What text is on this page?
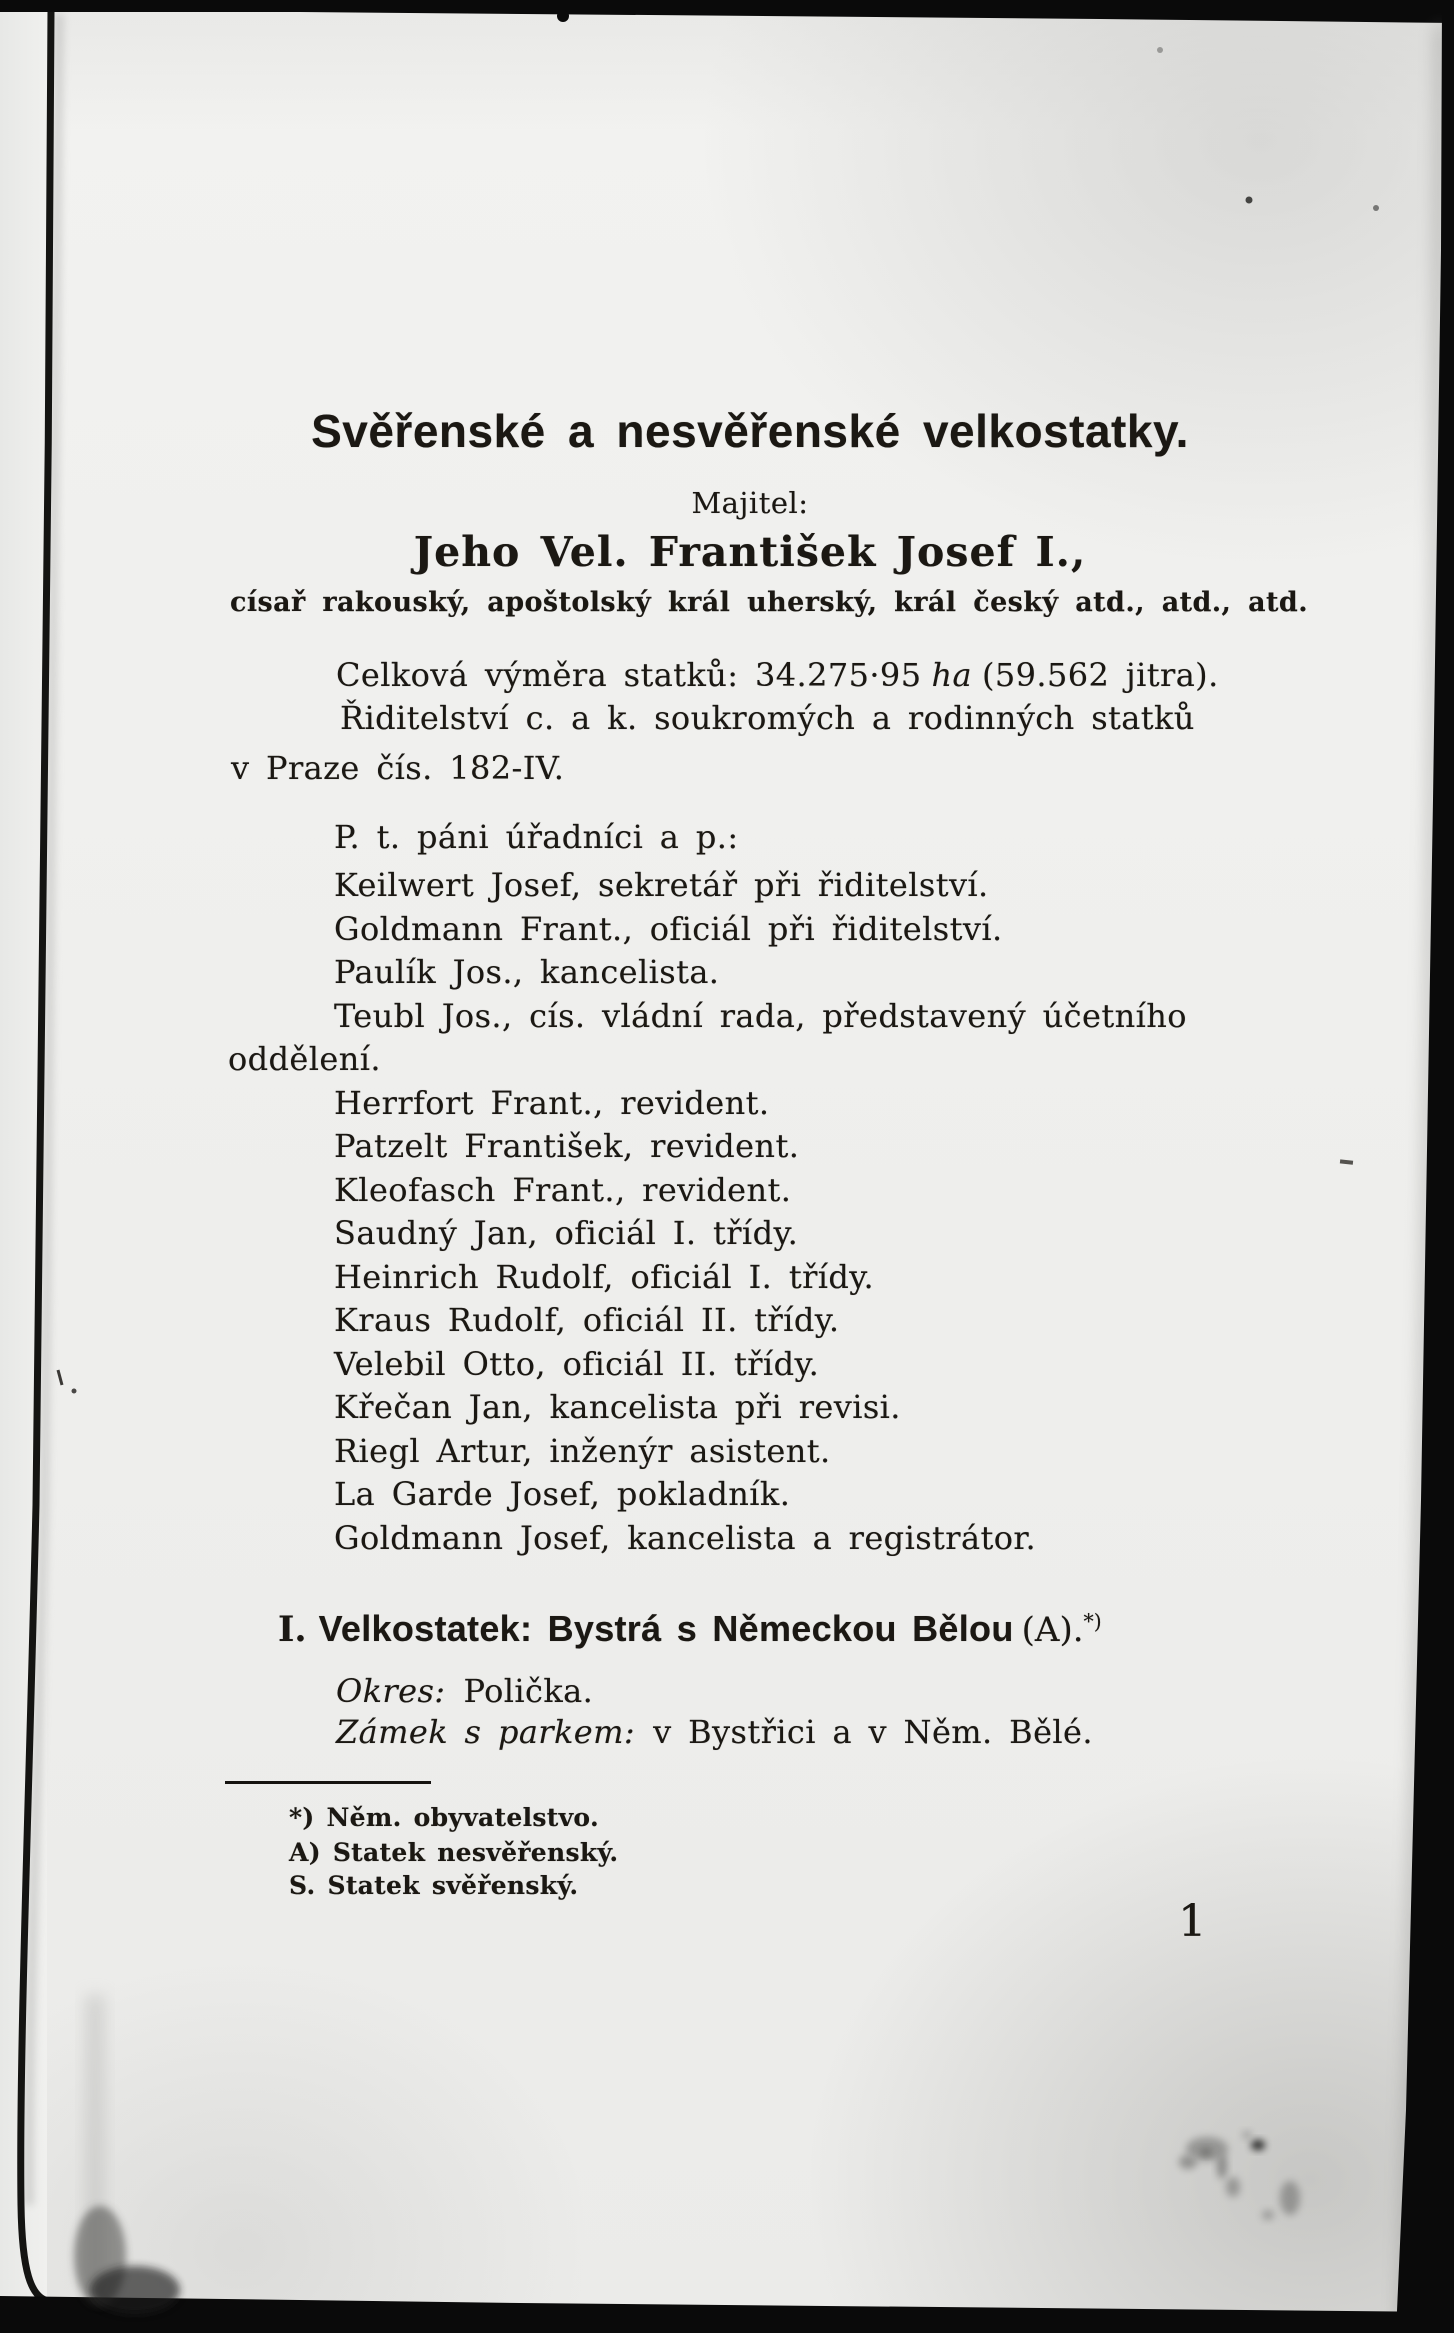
Svěřenské a nesvěřenské velkostatky.
Majitel:
Jeho Vel. František Josef I.,
císař rakouský, apoštolský král uherský, král český atd., atd., atd.
Celková výměra statků: 34.275·95 ha (59.562 jitra).
Řiditelství c. a k. soukromých a rodinných statků
v Praze čís. 182-IV.
P. t. páni úřadníci a p.:
Keilwert Josef, sekretář při řiditelství.
Goldmann Frant., oficiál při řiditelství.
Paulík Jos., kancelista.
Teubl Jos., cís. vládní rada, představený účetního
oddělení.
Herrfort Frant., revident.
Patzelt František, revident.
Kleofasch Frant., revident.
Saudný Jan, oficiál I. třídy.
Heinrich Rudolf, oficiál I. třídy.
Kraus Rudolf, oficiál II. třídy.
Velebil Otto, oficiál II. třídy.
Křečan Jan, kancelista při revisi.
Riegl Artur, inženýr asistent.
La Garde Josef, pokladník.
Goldmann Josef, kancelista a registrátor.
I. Velkostatek: Bystrá s Německou Bělou (A).*)
Okres: Polička.
Zámek s parkem: v Bystřici a v Něm. Bělé.
*) Něm. obyvatelstvo.
A) Statek nesvěřenský.
S. Statek svěřenský.
1
